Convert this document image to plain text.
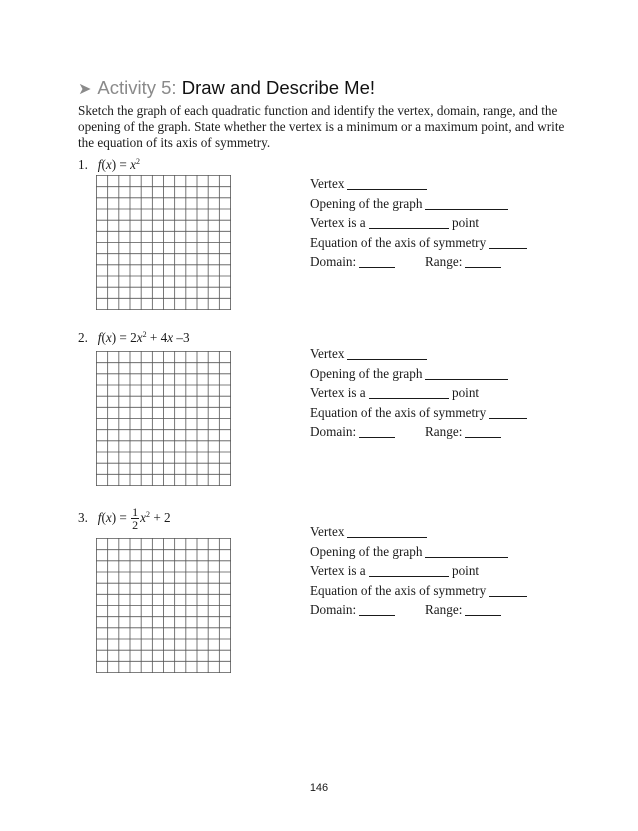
➤ Activity 5: Draw and Describe Me!
Sketch the graph of each quadratic function and identify the vertex, domain, range, and the opening of the graph. State whether the vertex is a minimum or a maximum point, and write the equation of its axis of symmetry.
1. $f(x) = x^2$
Vertex
Opening of the graph
Vertex is a	point
Equation of the axis of symmetry
Domain:	Range:
2. $f(x) = 2x^2 + 4x$ –3
Vertex
Opening of the graph
Vertex is a	point
Equation of the axis of symmetry
Domain:	Range:
3. $f(x) = \frac{1}{2} x^2 + 2$
Vertex
Opening of the graph
Vertex is a	point
Equation of the axis of symmetry
Domain:	Range:
146
